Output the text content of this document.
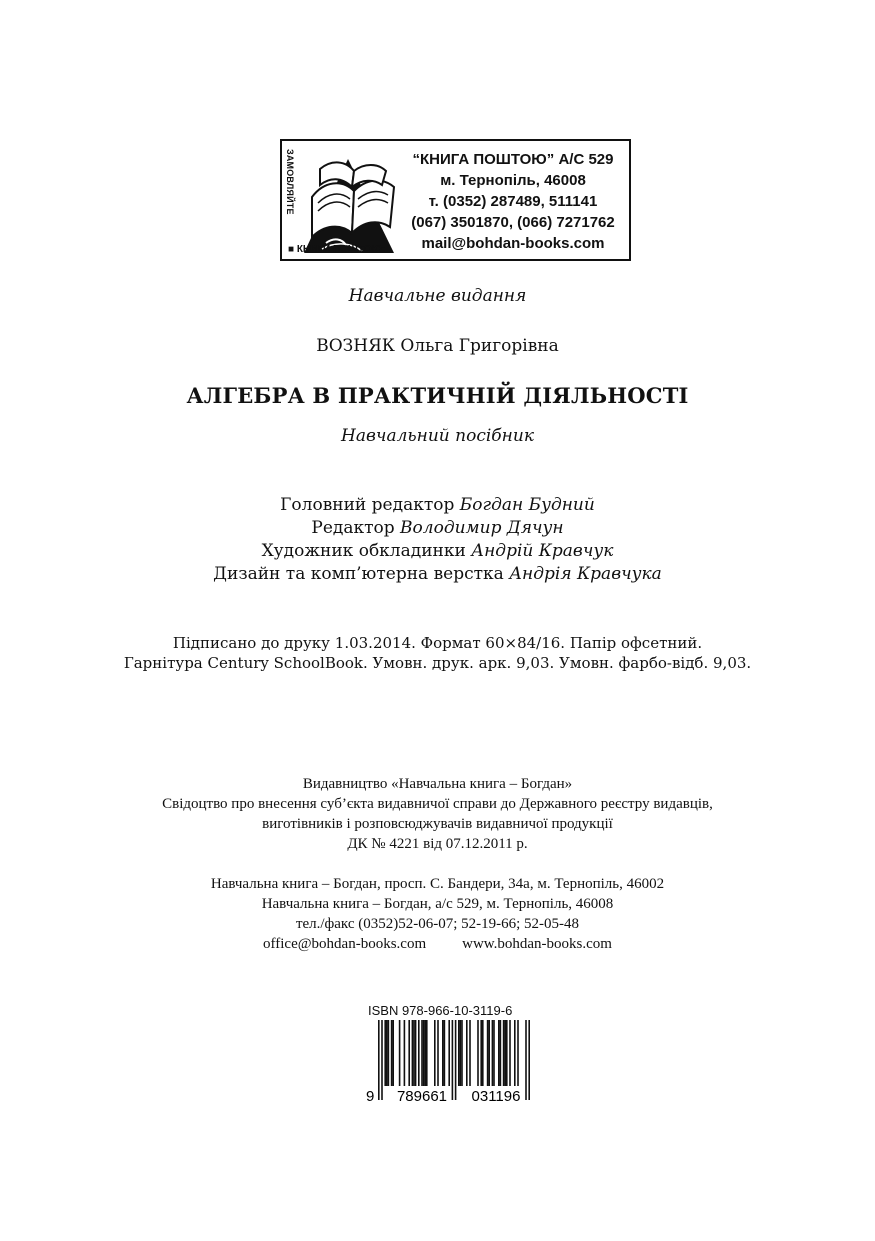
ЗАМОВЛЯЙТЕ
■ КНИГИ ПОШТОЮ:
“КНИГА ПОШТОЮ” А/С 529
м. Тернопіль, 46008
т. (0352) 287489, 511141
(067) 3501870, (066) 7271762
mail@bohdan-books.com
Навчальне видання
ВОЗНЯК Ольга Григорівна
АЛГЕБРА В ПРАКТИЧНІЙ ДІЯЛЬНОСТІ
Навчальний посібник
Головний редактор Богдан Будний
Редактор Володимир Дячун
Художник обкладинки Андрій Кравчук
Дизайн та комп’ютерна верстка Андрія Кравчука
Підписано до друку 1.03.2014. Формат 60×84/16. Папір офсетний.
Гарнітура Century SchoolBook. Умовн. друк. арк. 9,03. Умовн. фарбо-відб. 9,03.
Видавництво «Навчальна книга – Богдан»
Свідоцтво про внесення суб’єкта видавничої справи до Державного реєстру видавців,
виготівників і розповсюджувачів видавничої продукції
ДК № 4221 від 07.12.2011 р.
Навчальна книга – Богдан, просп. С. Бандери, 34а, м. Тернопіль, 46002
Навчальна книга – Богдан, а/с 529, м. Тернопіль, 46008
тел./факс (0352)52-06-07; 52-19-66; 52-05-48
office@bohdan-books.com www.bohdan-books.com
ISBN 978-966-10-3119-6
9 789661 031196
